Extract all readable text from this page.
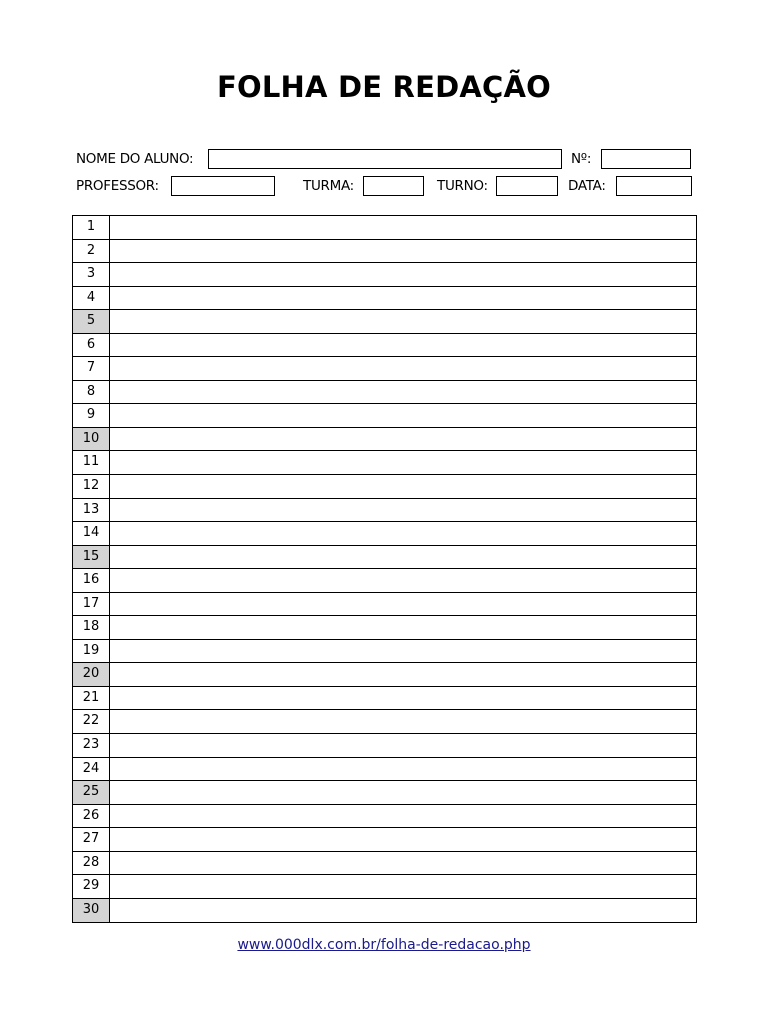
FOLHA DE REDAÇÃO
NOME DO ALUNO:	Nº:
PROFESSOR:	TURMA:	TURNO:	DATA:
1
2
3
4
5
6
7
8
9
10
11
12
13
14
15
16
17
18
19
20
21
22
23
24
25
26
27
28
29
30
www.000dlx.com.br/folha-de-redacao.php
